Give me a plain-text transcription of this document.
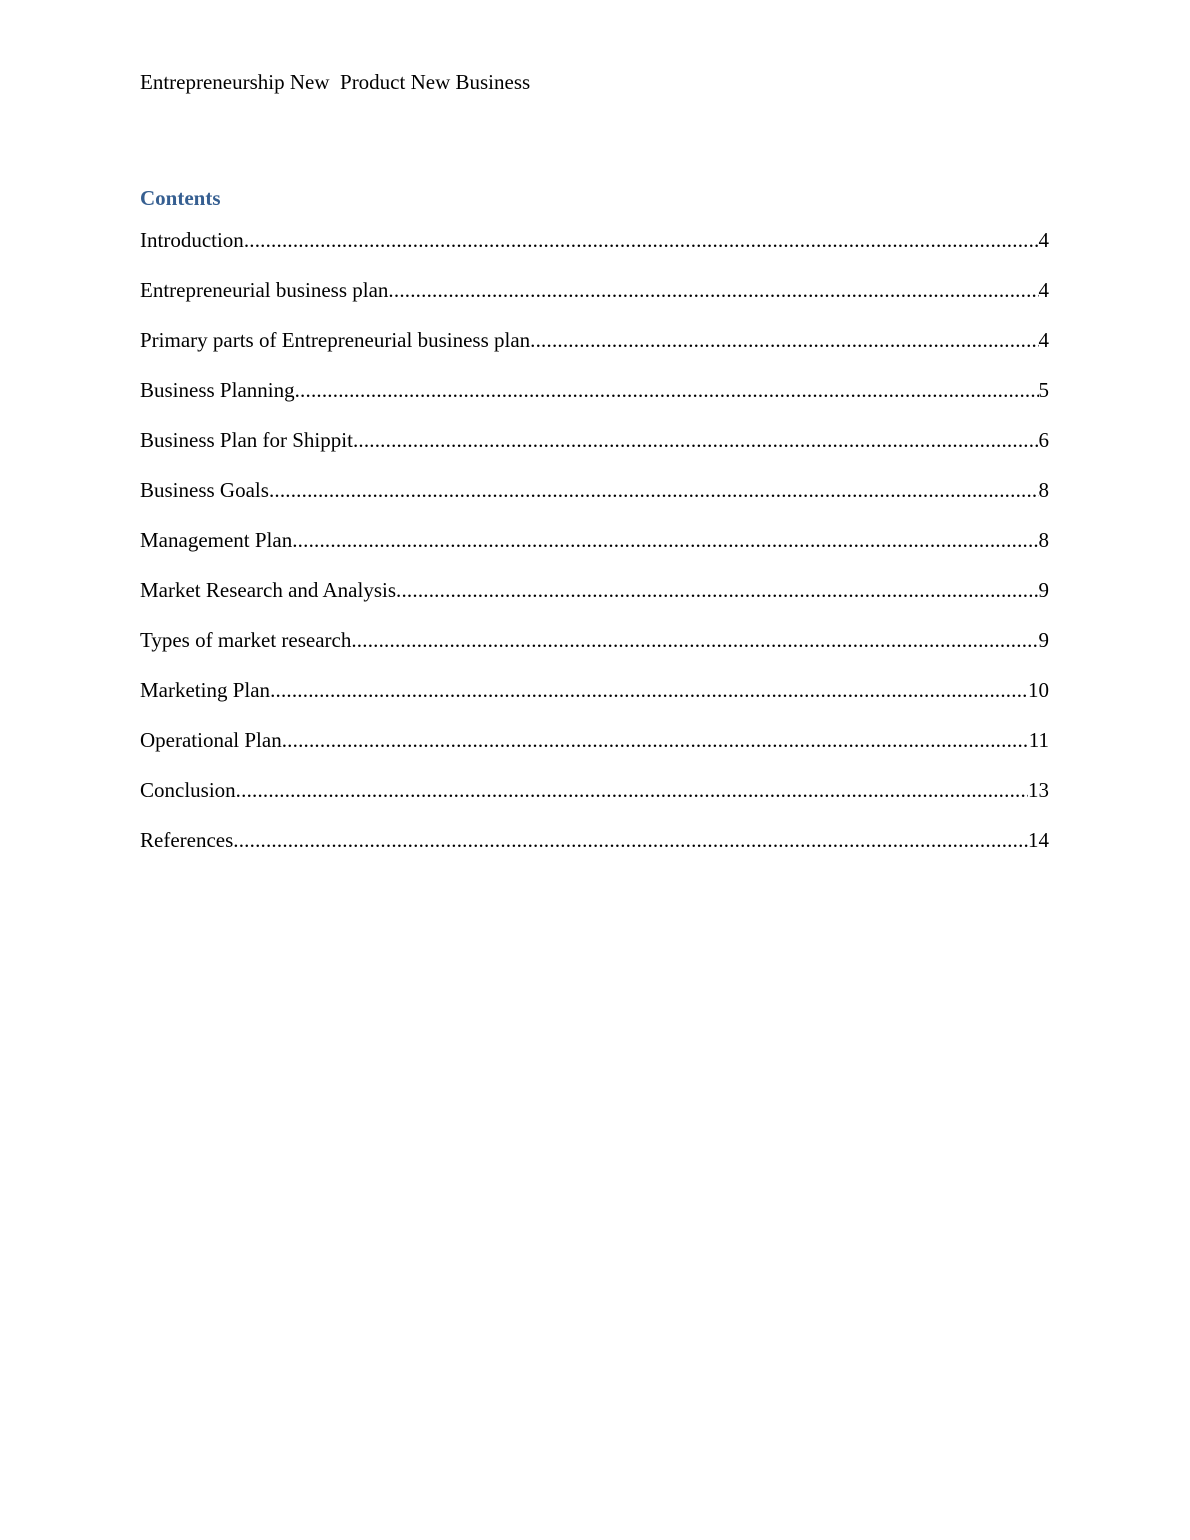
Entrepreneurship New  Product New Business
Contents
Introduction .....	4
Entrepreneurial business plan .....	4
Primary parts of Entrepreneurial business plan .....	4
Business Planning .....	5
Business Plan for Shippit .....	6
Business Goals .....	8
Management Plan .....	8
Market Research and Analysis .....	9
Types of market research .....	9
Marketing Plan .....	10
Operational Plan .....	11
Conclusion .....	13
References .....	14
